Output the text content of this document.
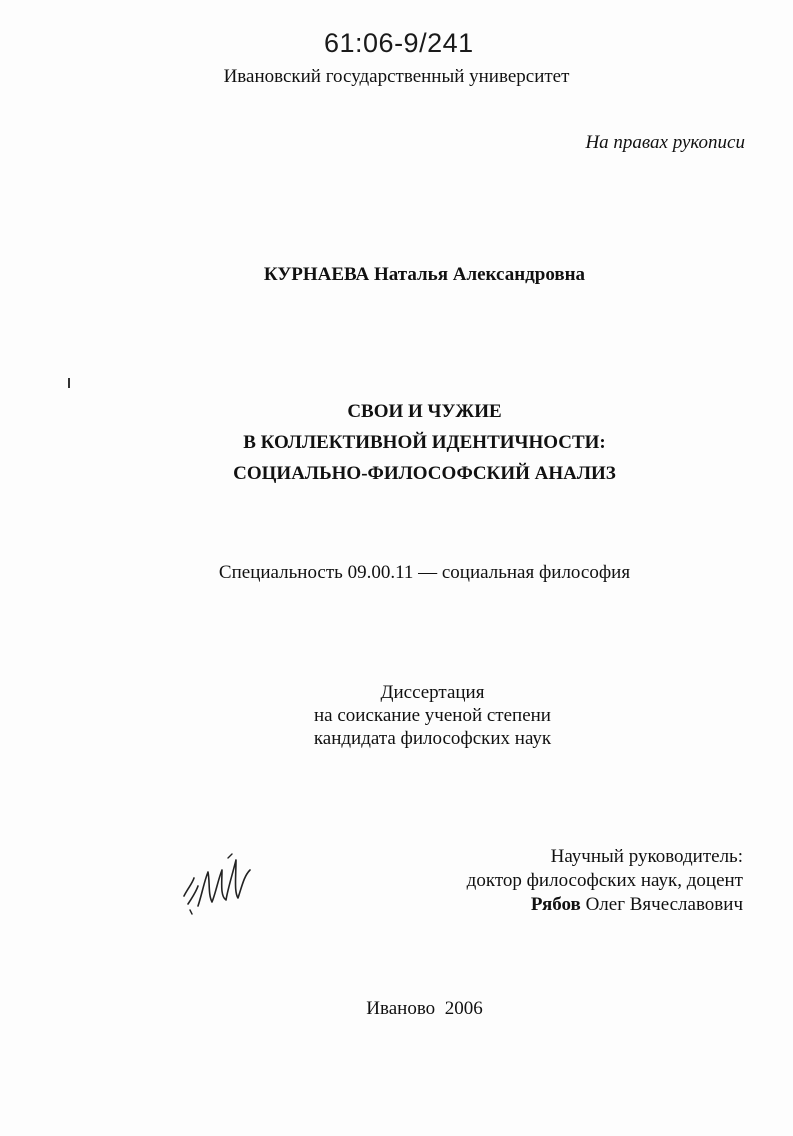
61:06-9/241
Ивановский государственный университет
На правах рукописи
КУРНАЕВА Наталья Александровна
СВОИ И ЧУЖИЕ
В КОЛЛЕКТИВНОЙ ИДЕНТИЧНОСТИ:
СОЦИАЛЬНО-ФИЛОСОФСКИЙ АНАЛИЗ
Специальность 09.00.11 — социальная философия
Диссертация
на соискание ученой степени
кандидата философских наук
Научный руководитель:
доктор философских наук, доцент
Рябов Олег Вячеславович
Иваново 2006
